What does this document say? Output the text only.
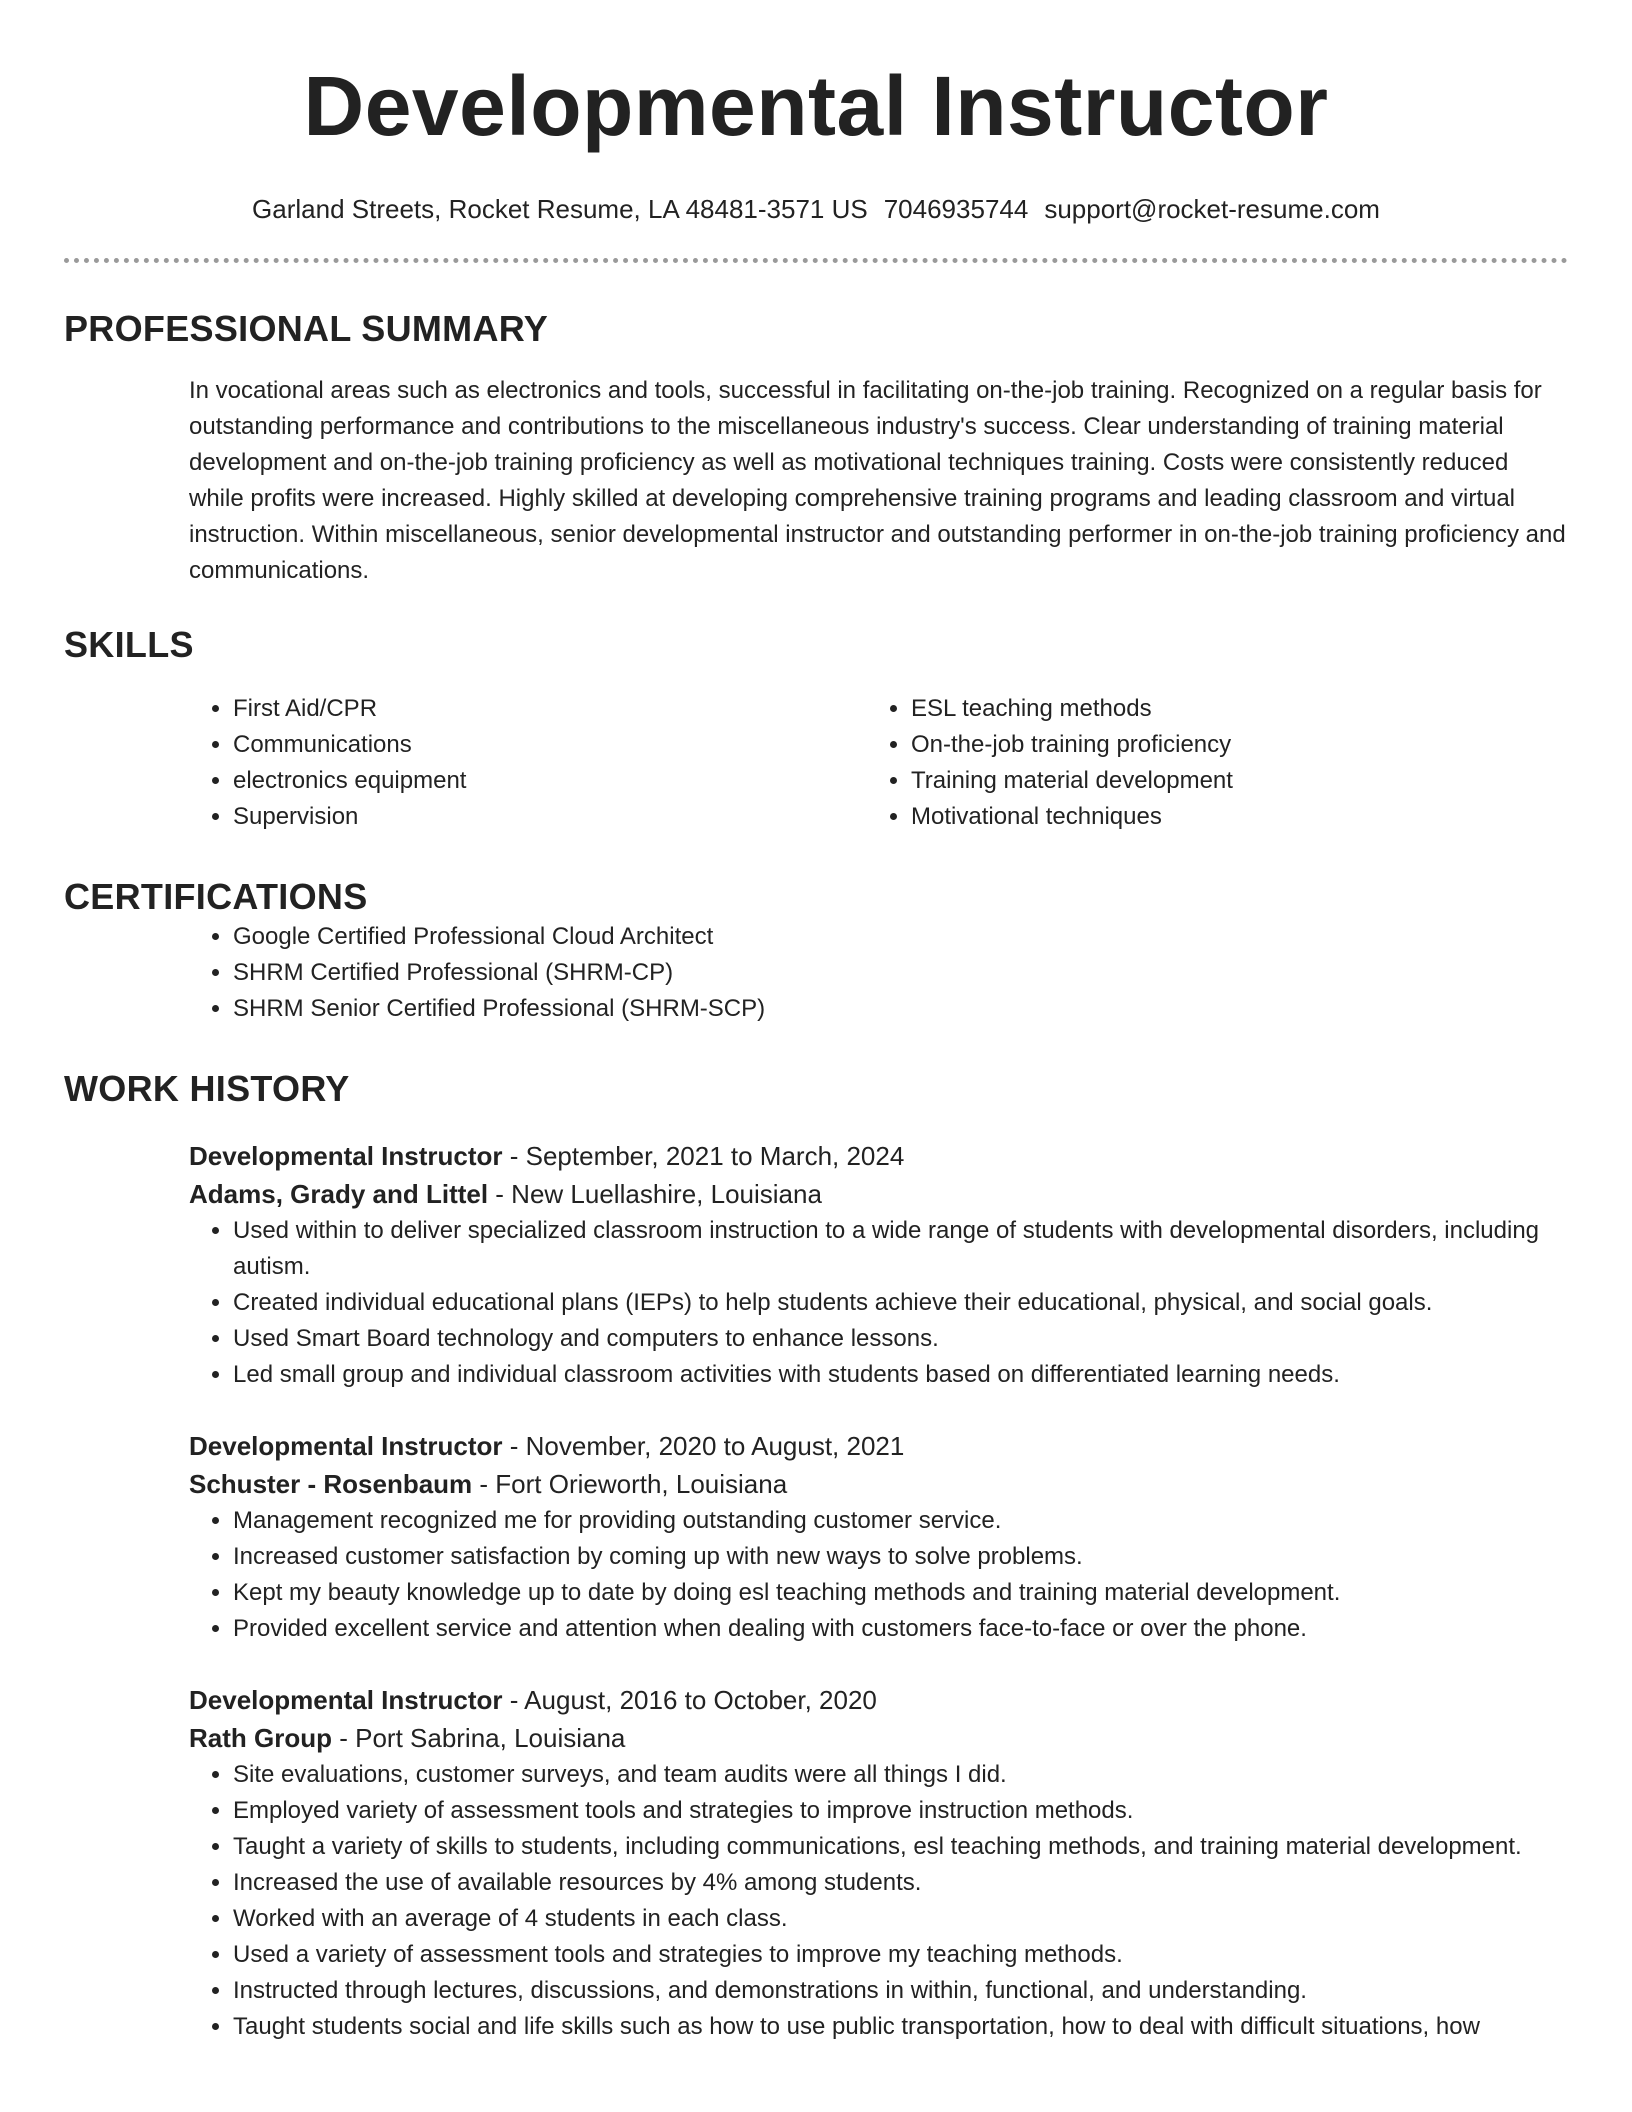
Developmental Instructor
Garland Streets, Rocket Resume, LA 48481-3571 US 7046935744 support@rocket-resume.com
PROFESSIONAL SUMMARY

In vocational areas such as electronics and tools, successful in facilitating on-the-job training. Recognized on a regular basis for outstanding performance and contributions to the miscellaneous industry's success. Clear understanding of training material development and on-the-job training proficiency as well as motivational techniques training. Costs were consistently reduced while profits were increased. Highly skilled at developing comprehensive training programs and leading classroom and virtual instruction. Within miscellaneous, senior developmental instructor and outstanding performer in on-the-job training proficiency and communications.

SKILLS
• First Aid/CPR
• Communications
• electronics equipment
• Supervision
• ESL teaching methods
• On-the-job training proficiency
• Training material development
• Motivational techniques
CERTIFICATIONS
• Google Certified Professional Cloud Architect
• SHRM Certified Professional (SHRM-CP)
• SHRM Senior Certified Professional (SHRM-SCP)
WORK HISTORY
Developmental Instructor - September, 2021 to March, 2024
Adams, Grady and Littel - New Luellashire, Louisiana
• Used within to deliver specialized classroom instruction to a wide range of students with developmental disorders, including autism.
• Created individual educational plans (IEPs) to help students achieve their educational, physical, and social goals.
• Used Smart Board technology and computers to enhance lessons.
• Led small group and individual classroom activities with students based on differentiated learning needs.
Developmental Instructor - November, 2020 to August, 2021
Schuster - Rosenbaum - Fort Orieworth, Louisiana
• Management recognized me for providing outstanding customer service.
• Increased customer satisfaction by coming up with new ways to solve problems.
• Kept my beauty knowledge up to date by doing esl teaching methods and training material development.
• Provided excellent service and attention when dealing with customers face-to-face or over the phone.
Developmental Instructor - August, 2016 to October, 2020
Rath Group - Port Sabrina, Louisiana
• Site evaluations, customer surveys, and team audits were all things I did.
• Employed variety of assessment tools and strategies to improve instruction methods.
• Taught a variety of skills to students, including communications, esl teaching methods, and training material development.
• Increased the use of available resources by 4% among students.
• Worked with an average of 4 students in each class.
• Used a variety of assessment tools and strategies to improve my teaching methods.
• Instructed through lectures, discussions, and demonstrations in within, functional, and understanding.
• Taught students social and life skills such as how to use public transportation, how to deal with difficult situations, how
